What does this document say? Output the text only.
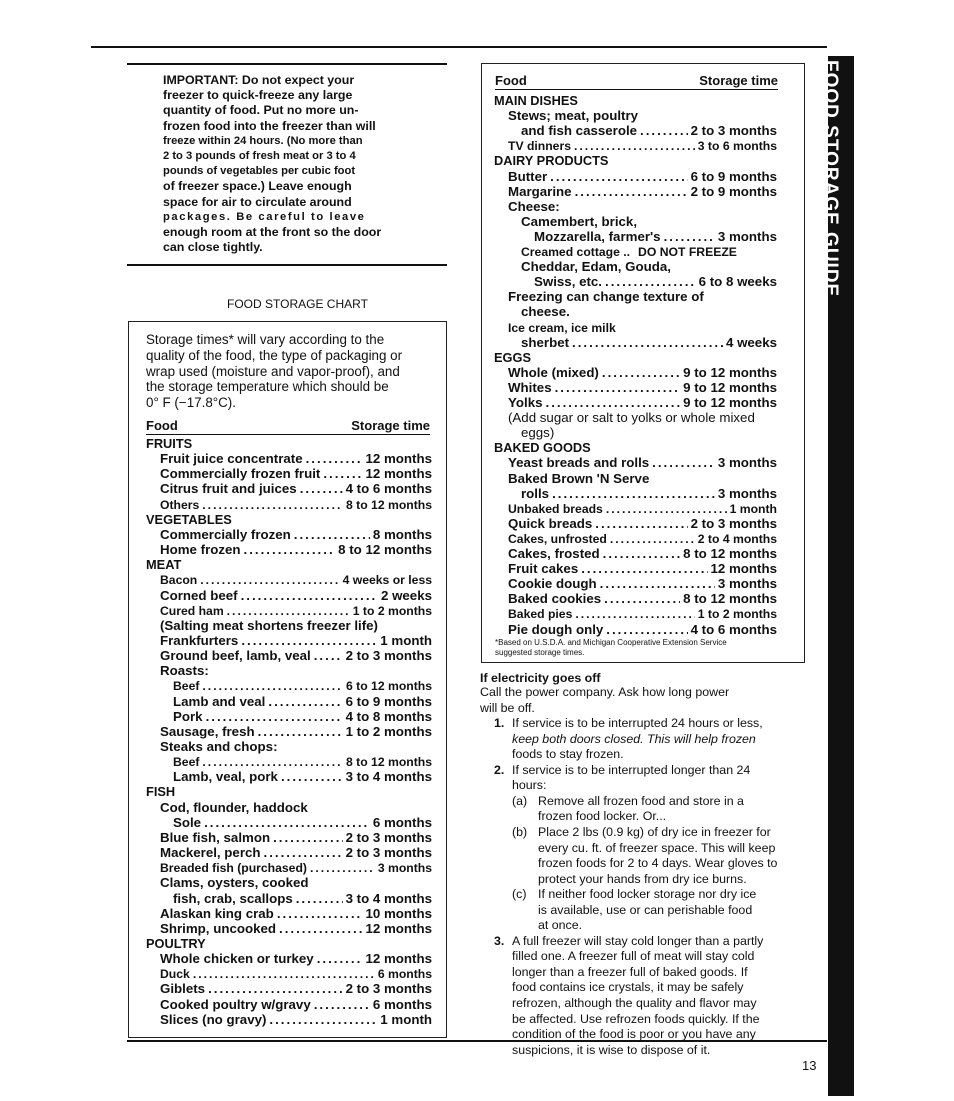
FOOD STORAGE GUIDE
IMPORTANT: Do not expect your
freezer to quick-freeze any large
quantity of food. Put no more un-
frozen food into the freezer than will
freeze within 24 hours. (No more than
2 to 3 pounds of fresh meat or 3 to 4
pounds of vegetables per cubic foot
of freezer space.) Leave enough
space for air to circulate around
packages. Be careful to leave
enough room at the front so the door
can close tightly.
FOOD STORAGE CHART
Storage times* will vary according to the
quality of the food, the type of packaging or
wrap used (moisture and vapor-proof), and
the storage temperature which should be
0° F (−17.8°C).
Food	Storage time
FRUITS
Fruit juice concentrate .....	12 months
Commercially frozen fruit .....	12 months
Citrus fruit and juices .....	4 to 6 months
Others .....	8 to 12 months
VEGETABLES
Commercially frozen .....	8 months
Home frozen .....	8 to 12 months
MEAT
Bacon .....	4 weeks or less
Corned beef .....	2 weeks
Cured ham .....	1 to 2 months
(Salting meat shortens freezer life)
Frankfurters .....	1 month
Ground beef, lamb, veal .....	2 to 3 months
Roasts:
Beef .....	6 to 12 months
Lamb and veal .....	6 to 9 months
Pork .....	4 to 8 months
Sausage, fresh .....	1 to 2 months
Steaks and chops:
Beef .....	8 to 12 months
Lamb, veal, pork .....	3 to 4 months
FISH
Cod, flounder, haddock
Sole .....	6 months
Blue fish, salmon .....	2 to 3 months
Mackerel, perch .....	2 to 3 months
Breaded fish (purchased) .....	3 months
Clams, oysters, cooked
fish, crab, scallops .....	3 to 4 months
Alaskan king crab .....	10 months
Shrimp, uncooked .....	12 months
POULTRY
Whole chicken or turkey .....	12 months
Duck .....	6 months
Giblets .....	2 to 3 months
Cooked poultry w/gravy .....	6 months
Slices (no gravy) .....	1 month
Food	Storage time
MAIN DISHES
Stews; meat, poultry
and fish casserole .....	2 to 3 months
TV dinners .....	3 to 6 months
DAIRY PRODUCTS
Butter .....	6 to 9 months
Margarine .....	2 to 9 months
Cheese:
Camembert, brick,
Mozzarella, farmer's .....	3 months
Creamed cottage .. DO NOT FREEZE
Cheddar, Edam, Gouda,
Swiss, etc. .....	6 to 8 weeks
Freezing can change texture of
cheese.
Ice cream, ice milk
sherbet .....	4 weeks
EGGS
Whole (mixed) .....	9 to 12 months
Whites .....	9 to 12 months
Yolks .....	9 to 12 months
(Add sugar or salt to yolks or whole mixed
eggs)
BAKED GOODS
Yeast breads and rolls .....	3 months
Baked Brown 'N Serve
rolls .....	3 months
Unbaked breads .....	1 month
Quick breads .....	2 to 3 months
Cakes, unfrosted .....	2 to 4 months
Cakes, frosted .....	8 to 12 months
Fruit cakes .....	12 months
Cookie dough .....	3 months
Baked cookies .....	8 to 12 months
Baked pies .....	1 to 2 months
Pie dough only .....	4 to 6 months
*Based on U.S.D.A. and Michigan Cooperative Extension Service
suggested storage times.
If electricity goes off
Call the power company. Ask how long power
will be off.
1. If service is to be interrupted 24 hours or less,
keep both doors closed. This will help frozen
foods to stay frozen.
2. If service is to be interrupted longer than 24
hours:
(a) Remove all frozen food and store in a
frozen food locker. Or...
(b) Place 2 lbs (0.9 kg) of dry ice in freezer for
every cu. ft. of freezer space. This will keep
frozen foods for 2 to 4 days. Wear gloves to
protect your hands from dry ice burns.
(c) If neither food locker storage nor dry ice
is available, use or can perishable food
at once.
3. A full freezer will stay cold longer than a partly
filled one. A freezer full of meat will stay cold
longer than a freezer full of baked goods. If
food contains ice crystals, it may be safely
refrozen, although the quality and flavor may
be affected. Use refrozen foods quickly. If the
condition of the food is poor or you have any
suspicions, it is wise to dispose of it.
13
